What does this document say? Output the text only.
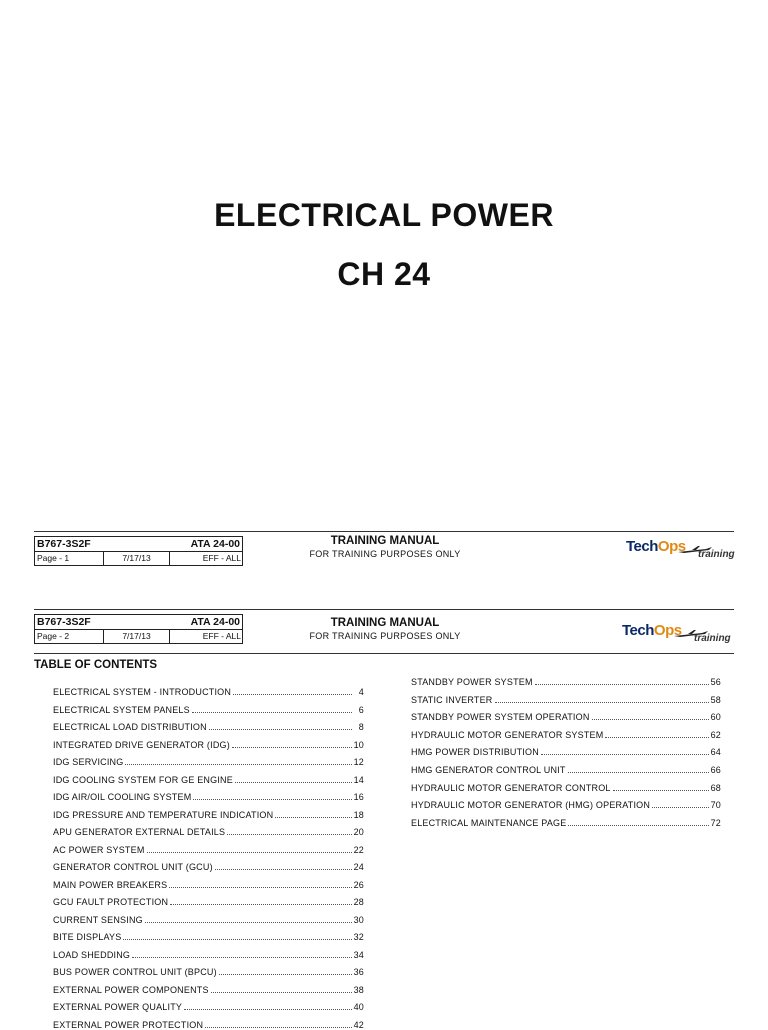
ELECTRICAL POWER
CH 24
B767-3S2F	ATA 24-00
Page - 1	7/17/13	EFF - ALL
TRAINING MANUAL
FOR TRAINING PURPOSES ONLY	TechOps training
B767-3S2F	ATA 24-00
Page - 2	7/17/13	EFF - ALL
TRAINING MANUAL
FOR TRAINING PURPOSES ONLY	TechOps training
TABLE OF CONTENTS
ELECTRICAL SYSTEM - INTRODUCTION	4
ELECTRICAL SYSTEM PANELS	6
ELECTRICAL LOAD DISTRIBUTION	8
INTEGRATED DRIVE GENERATOR (IDG)	10
IDG SERVICING	12
IDG COOLING SYSTEM FOR GE ENGINE	14
IDG AIR/OIL COOLING SYSTEM	16
IDG PRESSURE AND TEMPERATURE INDICATION	18
APU GENERATOR EXTERNAL DETAILS	20
AC POWER SYSTEM	22
GENERATOR CONTROL UNIT (GCU)	24
MAIN POWER BREAKERS	26
GCU FAULT PROTECTION	28
CURRENT SENSING	30
BITE DISPLAYS	32
LOAD SHEDDING	34
BUS POWER CONTROL UNIT (BPCU)	36
EXTERNAL POWER COMPONENTS	38
EXTERNAL POWER QUALITY	40
EXTERNAL POWER PROTECTION	42
STANDBY POWER SYSTEM	56
STATIC INVERTER	58
STANDBY POWER SYSTEM OPERATION	60
HYDRAULIC MOTOR GENERATOR SYSTEM	62
HMG POWER DISTRIBUTION	64
HMG GENERATOR CONTROL UNIT	66
HYDRAULIC MOTOR GENERATOR CONTROL	68
HYDRAULIC MOTOR GENERATOR (HMG) OPERATION	70
ELECTRICAL MAINTENANCE PAGE	72
